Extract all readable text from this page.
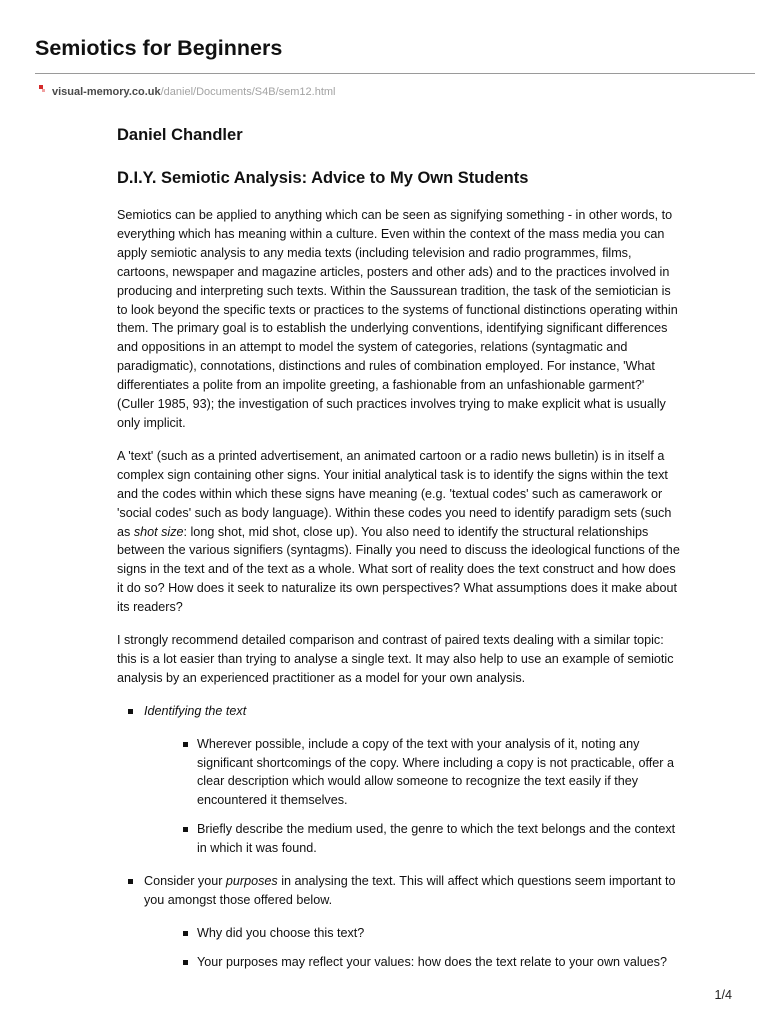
Semiotics for Beginners
visual-memory.co.uk/daniel/Documents/S4B/sem12.html
Daniel Chandler
D.I.Y. Semiotic Analysis: Advice to My Own Students

Semiotics can be applied to anything which can be seen as signifying something - in other words, to everything which has meaning within a culture. Even within the context of the mass media you can apply semiotic analysis to any media texts (including television and radio programmes, films, cartoons, newspaper and magazine articles, posters and other ads) and to the practices involved in producing and interpreting such texts. Within the Saussurean tradition, the task of the semiotician is to look beyond the specific texts or practices to the systems of functional distinctions operating within them. The primary goal is to establish the underlying conventions, identifying significant differences and oppositions in an attempt to model the system of categories, relations (syntagmatic and paradigmatic), connotations, distinctions and rules of combination employed. For instance, 'What differentiates a polite from an impolite greeting, a fashionable from an unfashionable garment?' (Culler 1985, 93); the investigation of such practices involves trying to make explicit what is usually only implicit.

A 'text' (such as a printed advertisement, an animated cartoon or a radio news bulletin) is in itself a complex sign containing other signs. Your initial analytical task is to identify the signs within the text and the codes within which these signs have meaning (e.g. 'textual codes' such as camerawork or 'social codes' such as body language). Within these codes you need to identify paradigm sets (such as shot size: long shot, mid shot, close up). You also need to identify the structural relationships between the various signifiers (syntagms). Finally you need to discuss the ideological functions of the signs in the text and of the text as a whole. What sort of reality does the text construct and how does it do so? How does it seek to naturalize its own perspectives? What assumptions does it make about its readers?

I strongly recommend detailed comparison and contrast of paired texts dealing with a similar topic: this is a lot easier than trying to analyse a single text. It may also help to use an example of semiotic analysis by an experienced practitioner as a model for your own analysis.

Identifying the text
Wherever possible, include a copy of the text with your analysis of it, noting any significant shortcomings of the copy. Where including a copy is not practicable, offer a clear description which would allow someone to recognize the text easily if they encountered it themselves.
Briefly describe the medium used, the genre to which the text belongs and the context in which it was found.
Consider your purposes in analysing the text. This will affect which questions seem important to you amongst those offered below.
Why did you choose this text?
Your purposes may reflect your values: how does the text relate to your own values?
1/4
